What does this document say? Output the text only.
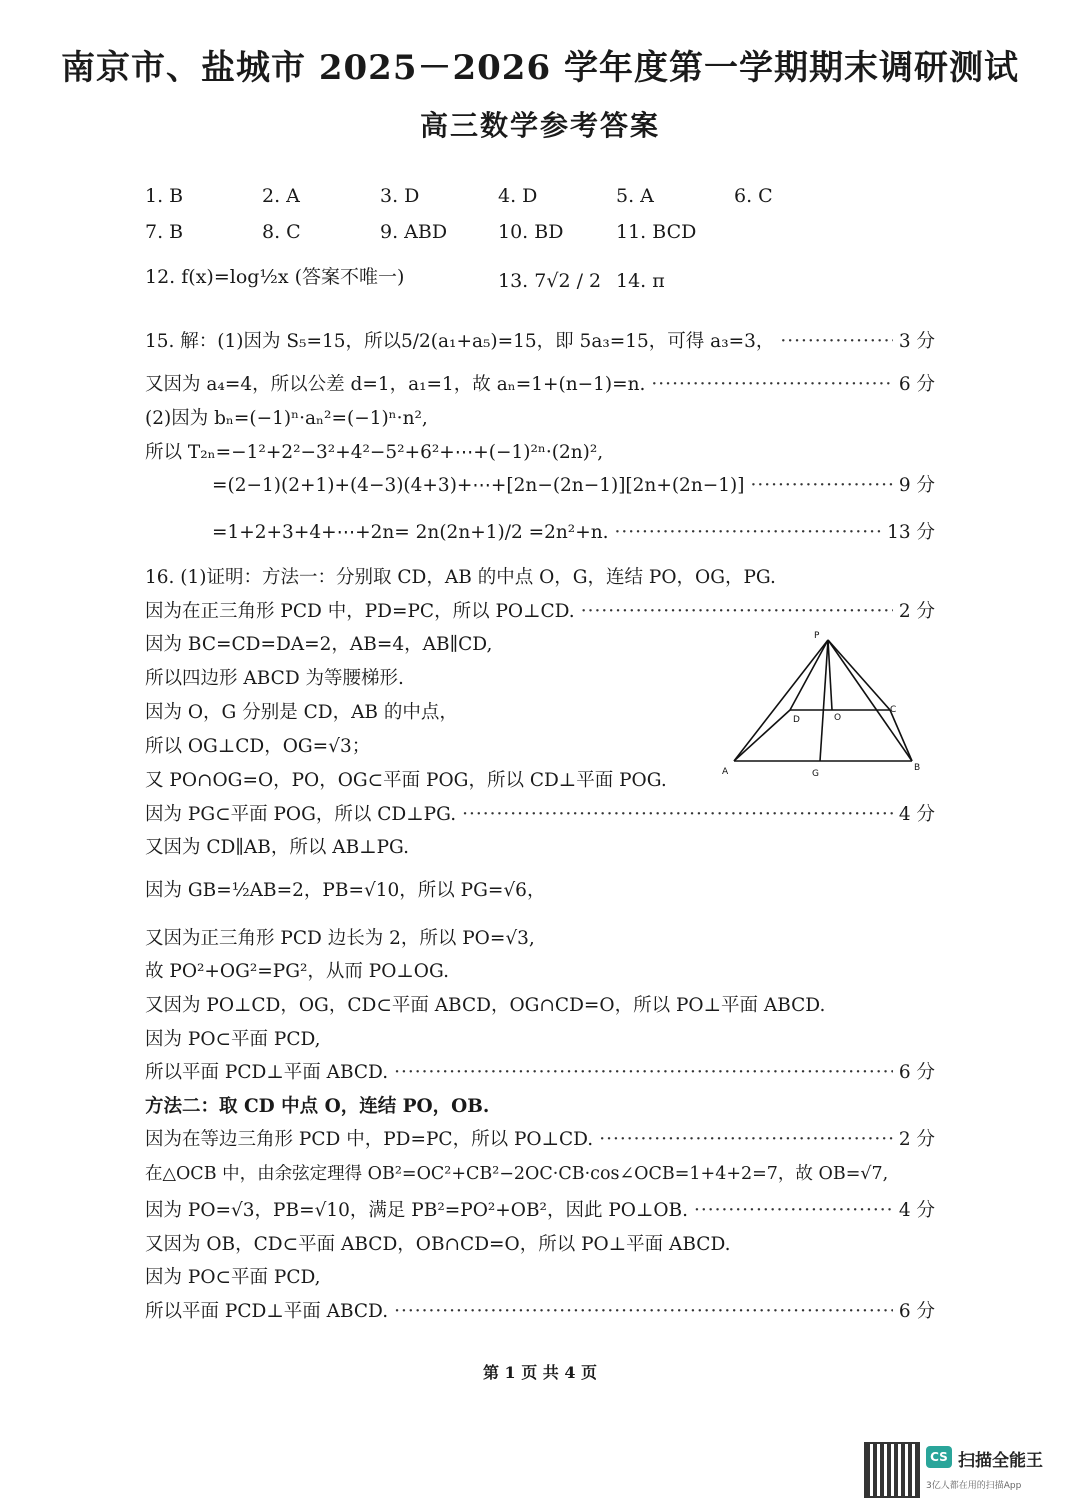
南京市、盐城市 2025－2026 学年度第一学期期末调研测试
高三数学参考答案
1. B	2. A	3. D	4. D	5. A	6. C
7. B	8. C	9. ABD	10. BD	11. BCD
12. f(x)=log½x (答案不唯一)	13. 7√2 / 2 14. π
15. 解：(1)因为 S₅=15，所以5/2(a₁+a₅)=15，即 5a₃=15，可得 a₃=3， ·····	3 分
又因为 a₄=4，所以公差 d=1，a₁=1，故 aₙ=1+(n−1)=n. ·····	6 分
(2)因为 bₙ=(−1)ⁿ·aₙ²=(−1)ⁿ·n²,
所以 T₂ₙ=−1²+2²−3²+4²−5²+6²+⋯+(−1)²ⁿ·(2n)²,
=(2−1)(2+1)+(4−3)(4+3)+⋯+[2n−(2n−1)][2n+(2n−1)] ·····	9 分
=1+2+3+4+⋯+2n= 2n(2n+1)/2 =2n²+n. ·····	13 分
16. (1)证明：方法一：分别取 CD，AB 的中点 O，G，连结 PO，OG，PG.
因为在正三角形 PCD 中，PD=PC，所以 PO⊥CD. ·····	2 分
因为 BC=CD=DA=2，AB=4，AB∥CD,
所以四边形 ABCD 为等腰梯形.
因为 O，G 分别是 CD，AB 的中点，
所以 OG⊥CD，OG=√3；
又 PO∩OG=O，PO，OG⊂平面 POG，所以 CD⊥平面 POG.
因为 PG⊂平面 POG，所以 CD⊥PG. ·····	4 分
又因为 CD∥AB，所以 AB⊥PG.
因为 GB=½AB=2，PB=√10，所以 PG=√6，
又因为正三角形 PCD 边长为 2，所以 PO=√3,
故 PO²+OG²=PG²，从而 PO⊥OG.
又因为 PO⊥CD，OG，CD⊂平面 ABCD，OG∩CD=O，所以 PO⊥平面 ABCD.
因为 PO⊂平面 PCD,
所以平面 PCD⊥平面 ABCD. ·····	6 分
方法二：取 CD 中点 O，连结 PO，OB.
因为在等边三角形 PCD 中，PD=PC，所以 PO⊥CD. ·····	2 分
在△OCB 中，由余弦定理得 OB²=OC²+CB²−2OC·CB·cos∠OCB=1+4+2=7，故 OB=√7,
因为 PO=√3，PB=√10，满足 PB²=PO²+OB²，因此 PO⊥OB. ·····	4 分
又因为 OB，CD⊂平面 ABCD，OB∩CD=O，所以 PO⊥平面 ABCD.
因为 PO⊂平面 PCD,
所以平面 PCD⊥平面 ABCD. ·····	6 分
P
A	B
C
D	O
G
第 1 页 共 4 页
CS 扫描全能王
3亿人都在用的扫描App
